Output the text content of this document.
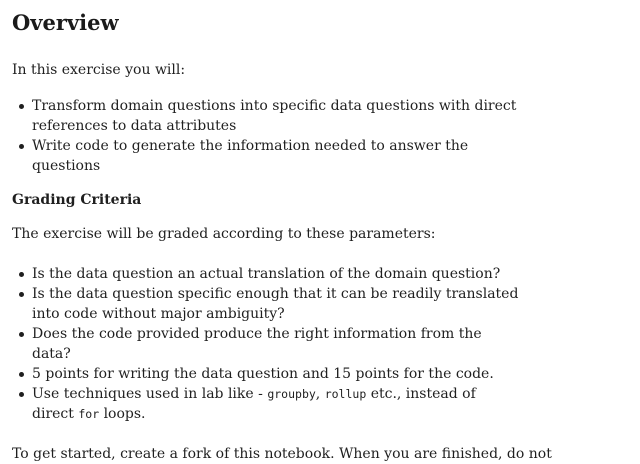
Overview

In this exercise you will:

Transform domain questions into specific data questions with direct references to data attributes
Write code to generate the information needed to answer the questions

Grading Criteria

The exercise will be graded according to these parameters:

Is the data question an actual translation of the domain question?
Is the data question specific enough that it can be readily translated into code without major ambiguity?
Does the code provided produce the right information from the data?
5 points for writing the data question and 15 points for the code.
Use techniques used in lab like - groupby, rollup etc., instead of direct for loops.

To get started, create a fork of this notebook. When you are finished, do not
